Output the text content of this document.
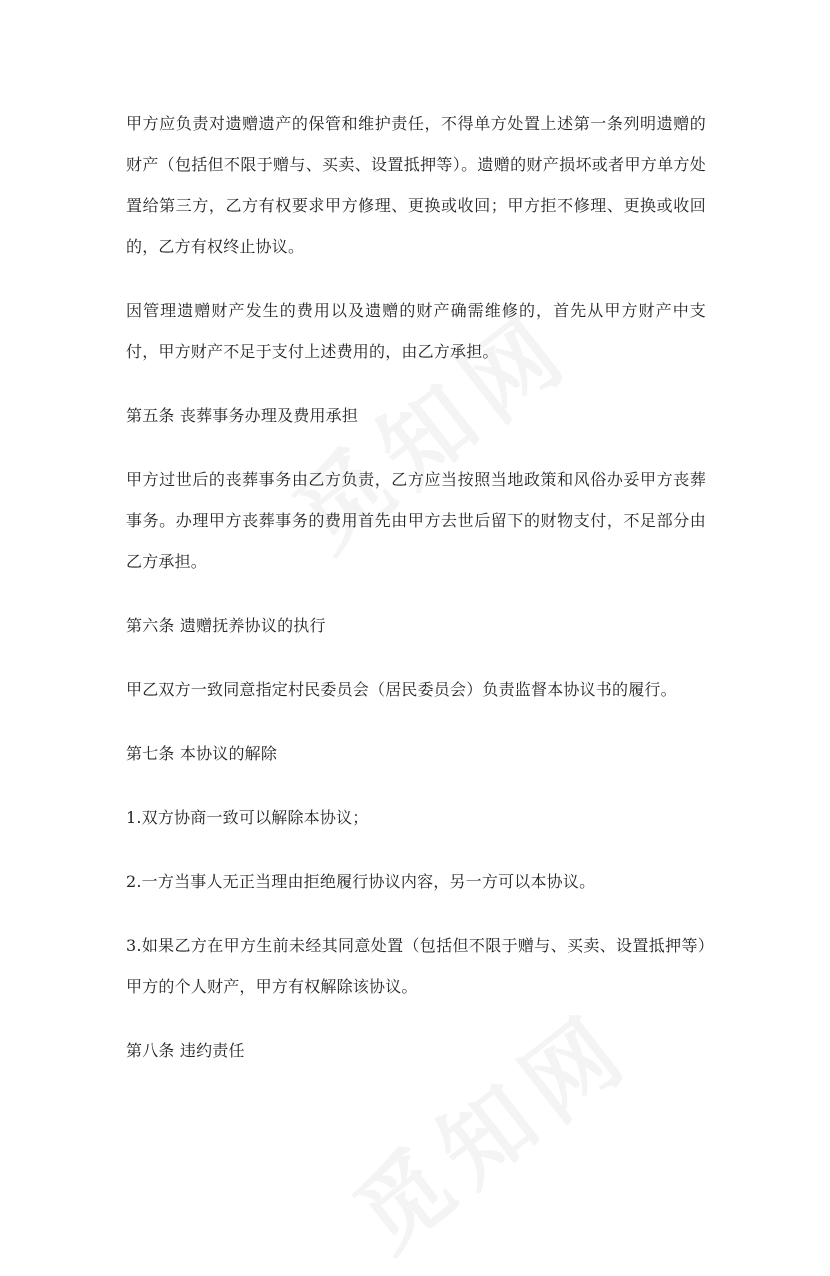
甲方应负责对遗赠遗产的保管和维护责任，不得单方处置上述第一条列明遗赠的财产（包括但不限于赠与、买卖、设置抵押等）。遗赠的财产损坏或者甲方单方处置给第三方，乙方有权要求甲方修理、更换或收回；甲方拒不修理、更换或收回的，乙方有权终止协议。

因管理遗赠财产发生的费用以及遗赠的财产确需维修的，首先从甲方财产中支付，甲方财产不足于支付上述费用的，由乙方承担。

第五条 丧葬事务办理及费用承担

甲方过世后的丧葬事务由乙方负责，乙方应当按照当地政策和风俗办妥甲方丧葬事务。办理甲方丧葬事务的费用首先由甲方去世后留下的财物支付，不足部分由乙方承担。

第六条 遗赠抚养协议的执行

甲乙双方一致同意指定村民委员会（居民委员会）负责监督本协议书的履行。

第七条 本协议的解除

1.双方协商一致可以解除本协议；

2.一方当事人无正当理由拒绝履行协议内容，另一方可以本协议。

3.如果乙方在甲方生前未经其同意处置（包括但不限于赠与、买卖、设置抵押等）甲方的个人财产，甲方有权解除该协议。

第八条 违约责任
